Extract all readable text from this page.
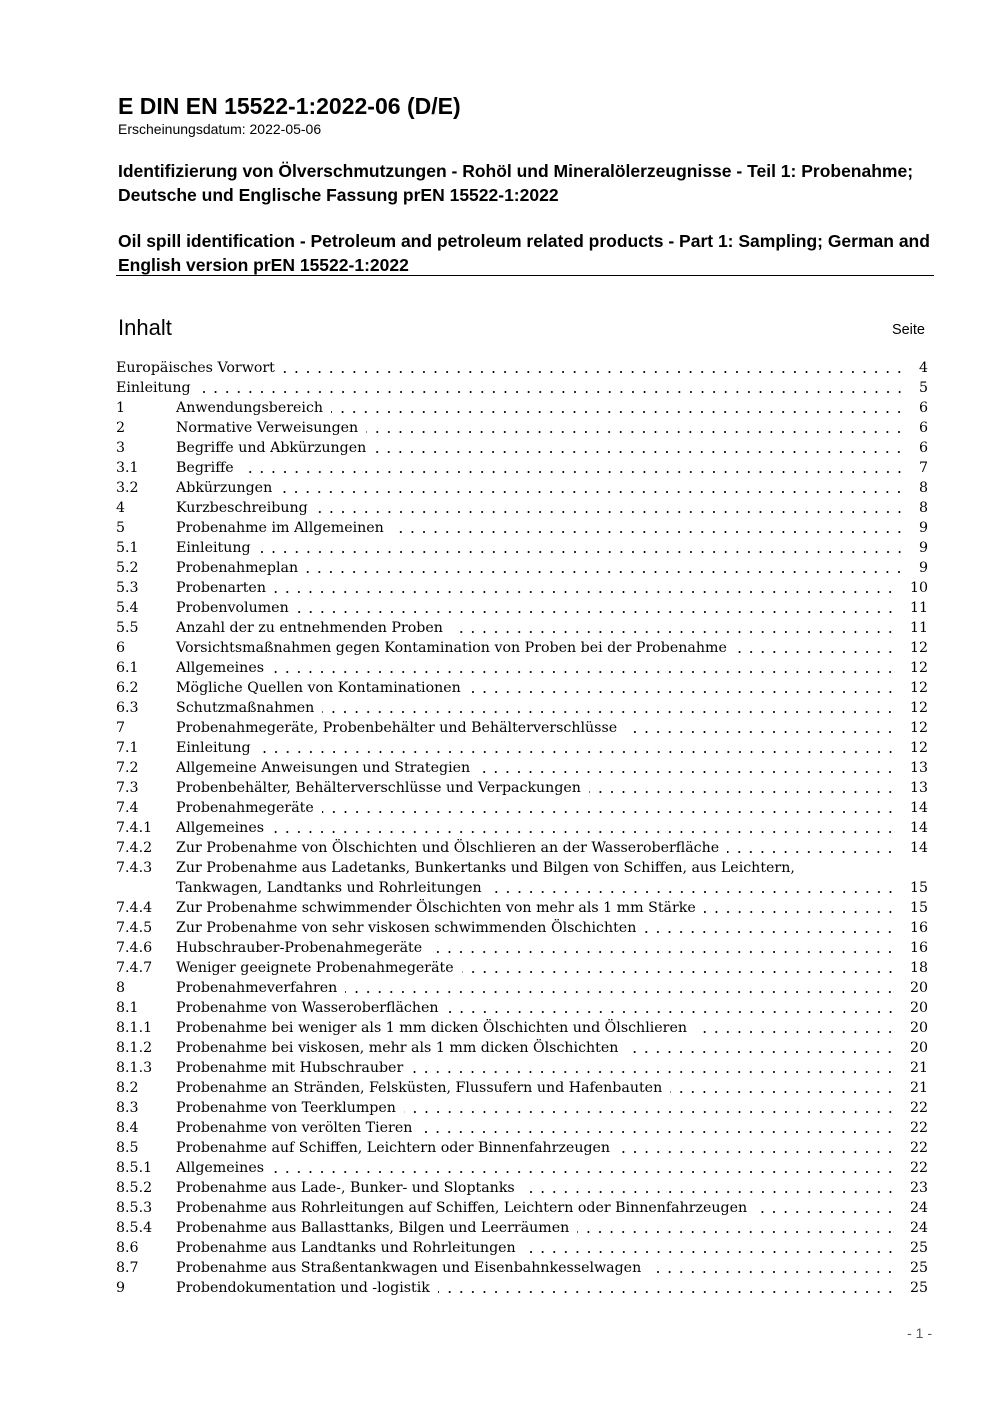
E DIN EN 15522-1:2022-06 (D/E)
Erscheinungsdatum: 2022-05-06
Identifizierung von Ölverschmutzungen - Rohöl und Mineralölerzeugnisse - Teil 1: Probenahme; Deutsche und Englische Fassung prEN 15522-1:2022
Oil spill identification - Petroleum and petroleum related products - Part 1: Sampling; German and English version prEN 15522-1:2022
Inhalt	Seite
Europäisches Vorwort	4
Einleitung	5
1	Anwendungsbereich	6
2	Normative Verweisungen	6
3	Begriffe und Abkürzungen	6
3.1	Begriffe	7
3.2	Abkürzungen	8
4	Kurzbeschreibung	8
5	Probenahme im Allgemeinen	9
5.1	Einleitung	9
5.2	Probenahmeplan	9
5.3	Probenarten	10
5.4	Probenvolumen	11
5.5	Anzahl der zu entnehmenden Proben	11
6	Vorsichtsmaßnahmen gegen Kontamination von Proben bei der Probenahme	12
6.1	Allgemeines	12
6.2	Mögliche Quellen von Kontaminationen	12
6.3	Schutzmaßnahmen	12
7	Probenahmegeräte, Probenbehälter und Behälterverschlüsse	12
7.1	Einleitung	12
7.2	Allgemeine Anweisungen und Strategien	13
7.3	Probenbehälter, Behälterverschlüsse und Verpackungen	13
7.4	Probenahmegeräte	14
7.4.1 Allgemeines	14
7.4.2 Zur Probenahme von Ölschichten und Ölschlieren an der Wasseroberfläche	14
7.4.3 Zur Probenahme aus Ladetanks, Bunkertanks und Bilgen von Schiffen, aus Leichtern,
Tankwagen, Landtanks und Rohrleitungen	15
7.4.4 Zur Probenahme schwimmender Ölschichten von mehr als 1 mm Stärke	15
7.4.5 Zur Probenahme von sehr viskosen schwimmenden Ölschichten	16
7.4.6 Hubschrauber-Probenahmegeräte	16
7.4.7 Weniger geeignete Probenahmegeräte	18
8	Probenahmeverfahren	20
8.1	Probenahme von Wasseroberflächen	20
8.1.1 Probenahme bei weniger als 1 mm dicken Ölschichten und Ölschlieren	20
8.1.2 Probenahme bei viskosen, mehr als 1 mm dicken Ölschichten	20
8.1.3 Probenahme mit Hubschrauber	21
8.2	Probenahme an Stränden, Felsküsten, Flussufern und Hafenbauten	21
8.3	Probenahme von Teerklumpen	22
8.4	Probenahme von verölten Tieren	22
8.5	Probenahme auf Schiffen, Leichtern oder Binnenfahrzeugen	22
8.5.1 Allgemeines	22
8.5.2 Probenahme aus Lade-, Bunker- und Sloptanks	23
8.5.3 Probenahme aus Rohrleitungen auf Schiffen, Leichtern oder Binnenfahrzeugen	24
8.5.4 Probenahme aus Ballasttanks, Bilgen und Leerräumen	24
8.6	Probenahme aus Landtanks und Rohrleitungen	25
8.7	Probenahme aus Straßentankwagen und Eisenbahnkesselwagen	25
9	Probendokumentation und -logistik	25
- 1 -
